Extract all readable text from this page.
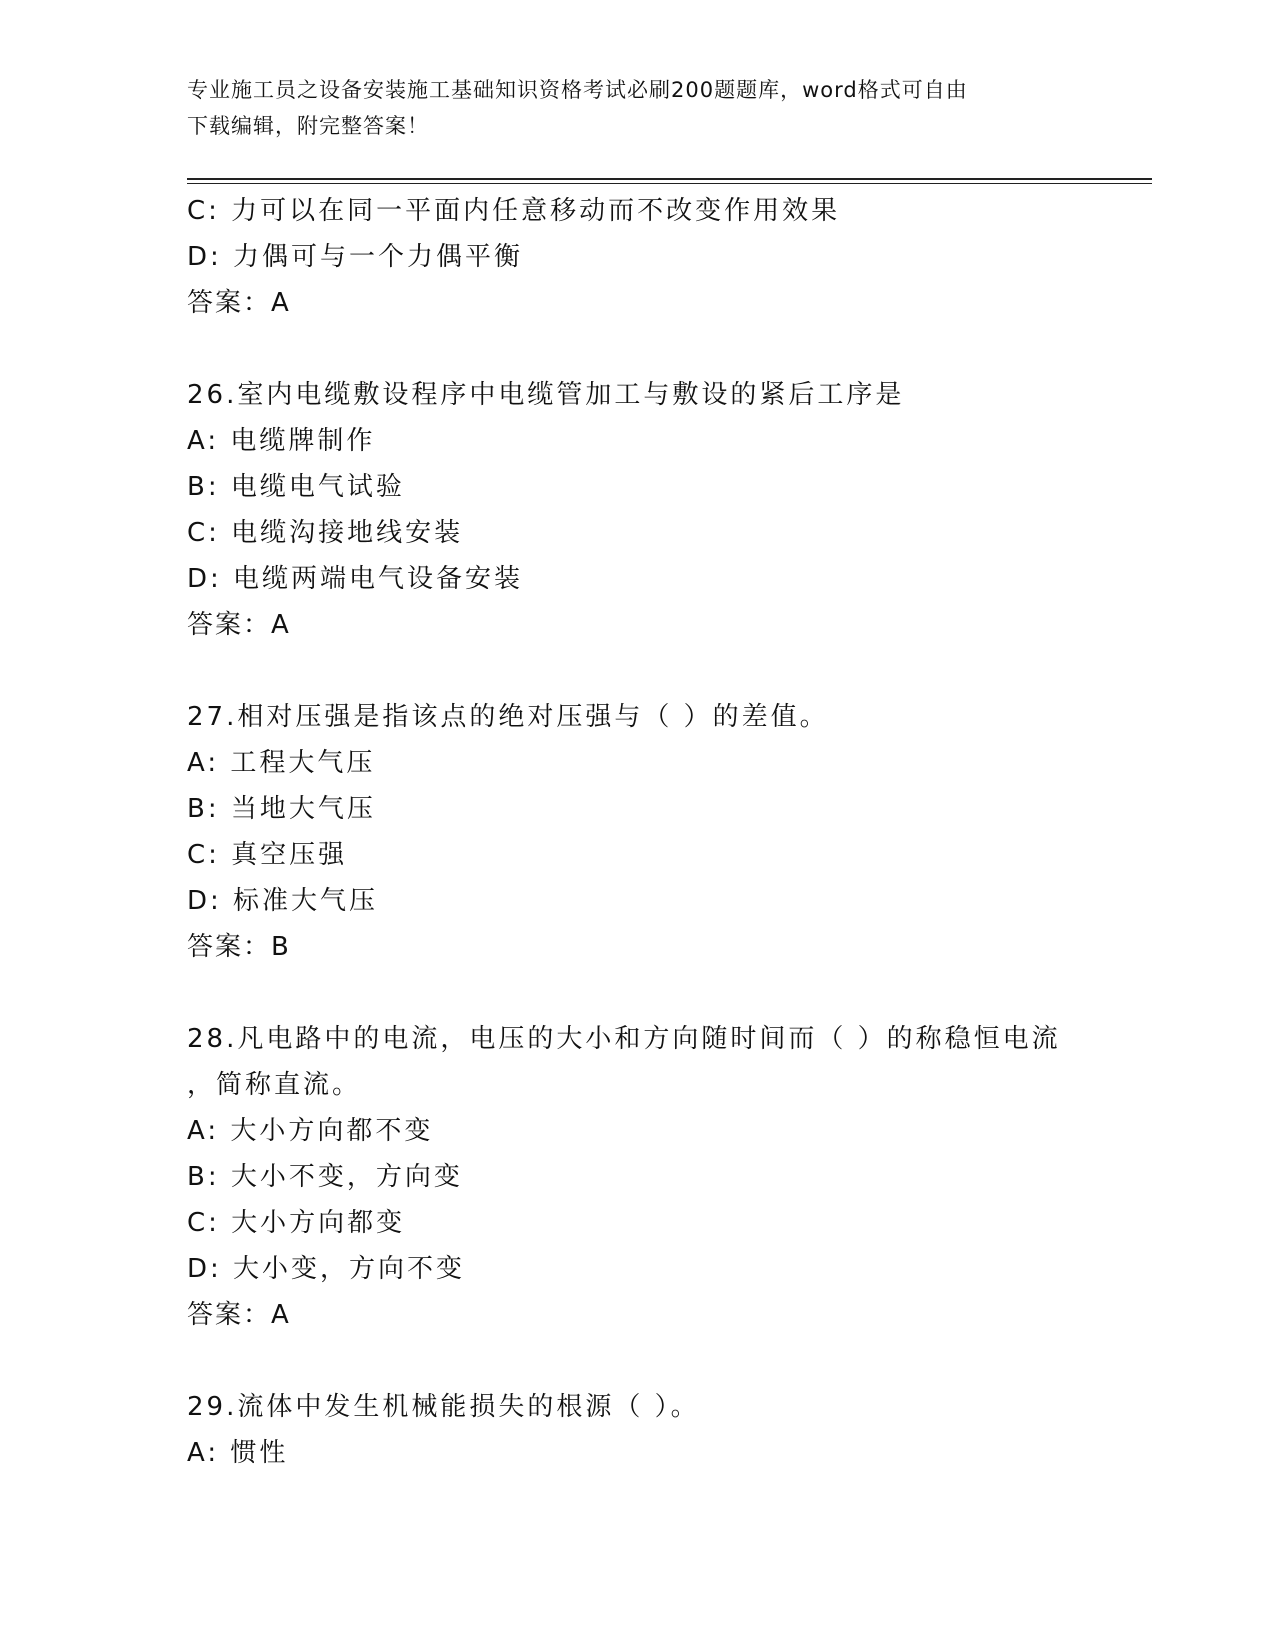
专业施工员之设备安装施工基础知识资格考试必刷200题题库，word格式可自由
下载编辑，附完整答案！
C: 力可以在同一平面内任意移动而不改变作用效果
D: 力偶可与一个力偶平衡
答案：A
26.室内电缆敷设程序中电缆管加工与敷设的紧后工序是
A: 电缆牌制作
B: 电缆电气试验
C: 电缆沟接地线安装
D: 电缆两端电气设备安装
答案：A
27.相对压强是指该点的绝对压强与（ ）的差值。
A: 工程大气压
B: 当地大气压
C: 真空压强
D: 标准大气压
答案：B
28.凡电路中的电流，电压的大小和方向随时间而（ ）的称稳恒电流
，简称直流。
A: 大小方向都不变
B: 大小不变，方向变
C: 大小方向都变
D: 大小变，方向不变
答案：A
29.流体中发生机械能损失的根源（ ）。
A: 惯性
